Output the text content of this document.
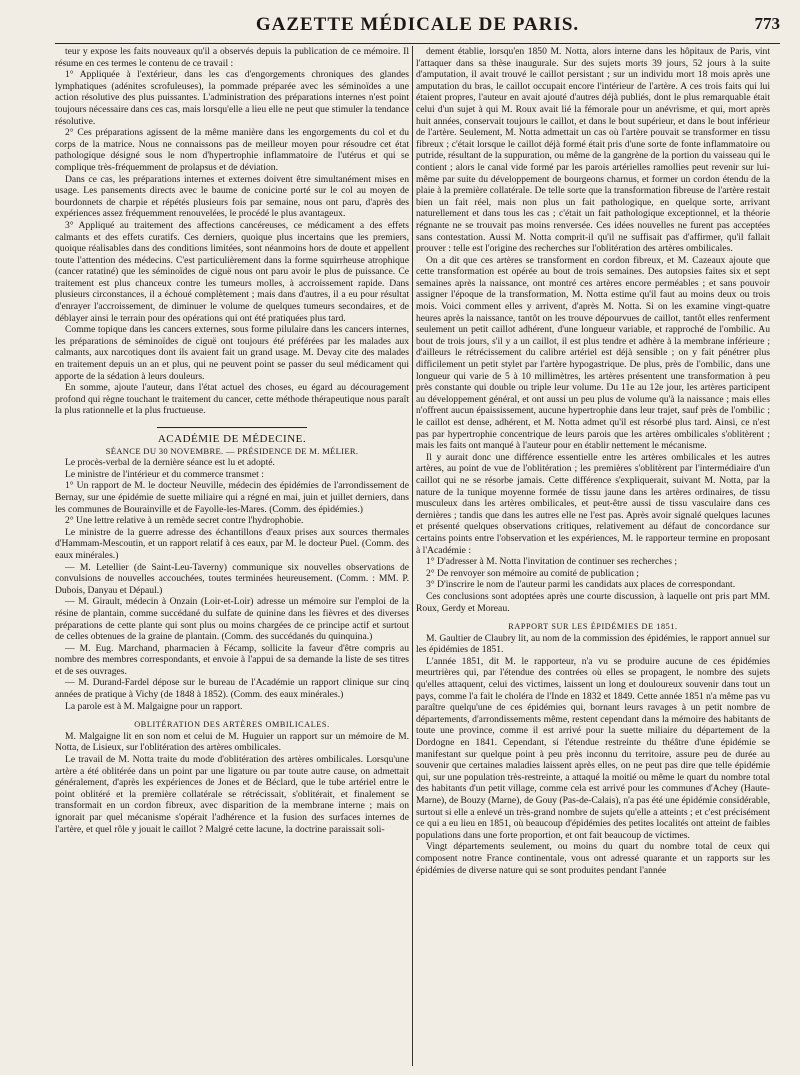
GAZETTE MÉDICALE DE PARIS.	773

teur y expose les faits nouveaux qu'il a observés depuis la publication de ce mémoire. Il résume en ces termes le contenu de ce travail :

1° Appliquée à l'extérieur, dans les cas d'engorgements chroniques des glandes lymphatiques (adénites scrofuleuses), la pommade préparée avec les séminoïdes a une action résolutive des plus puissantes. L'administration des préparations internes n'est point toujours nécessaire dans ces cas, mais lorsqu'elle a lieu elle ne peut que stimuler la tendance résolutive.

2° Ces préparations agissent de la même manière dans les engorgements du col et du corps de la matrice. Nous ne connaissons pas de meilleur moyen pour résoudre cet état pathologique désigné sous le nom d'hypertrophie inflammatoire de l'utérus et qui se complique très-fréquemment de prolapsus et de déviation.

Dans ce cas, les préparations internes et externes doivent être simultanément mises en usage. Les pansements directs avec le baume de conicine porté sur le col au moyen de bourdonnets de charpie et répétés plusieurs fois par semaine, nous ont paru, d'après des expériences assez fréquemment renouvelées, le procédé le plus avantageux.

3° Appliqué au traitement des affections cancéreuses, ce médicament a des effets calmants et des effets curatifs. Ces derniers, quoique plus incertains que les premiers, quoique réalisables dans des conditions limitées, sont néanmoins hors de doute et appellent toute l'attention des médecins. C'est particulièrement dans la forme squirrheuse atrophique (cancer ratatiné) que les séminoïdes de ciguë nous ont paru avoir le plus de puissance. Ce traitement est plus chanceux contre les tumeurs molles, à accroissement rapide. Dans plusieurs circonstances, il a échoué complètement ; mais dans d'autres, il a eu pour résultat d'enrayer l'accroissement, de diminuer le volume de quelques tumeurs secondaires, et de déblayer ainsi le terrain pour des opérations qui ont été pratiquées plus tard.

Comme topique dans les cancers externes, sous forme pilulaire dans les cancers internes, les préparations de séminoïdes de ciguë ont toujours été préférées par les malades aux calmants, aux narcotiques dont ils avaient fait un grand usage. M. Devay cite des malades en traitement depuis un an et plus, qui ne peuvent point se passer du seul médicament qui apporte de la sédation à leurs douleurs.

En somme, ajoute l'auteur, dans l'état actuel des choses, eu égard au découragement profond qui règne touchant le traitement du cancer, cette méthode thérapeutique nous paraît la plus rationnelle et la plus fructueuse.

ACADÉMIE DE MÉDECINE.

SÉANCE DU 30 NOVEMBRE. — PRÉSIDENCE DE M. MÉLIER.

Le procès-verbal de la dernière séance est lu et adopté.

Le ministre de l'intérieur et du commerce transmet :

1° Un rapport de M. le docteur Neuville, médecin des épidémies de l'arrondissement de Bernay, sur une épidémie de suette miliaire qui a régné en mai, juin et juillet derniers, dans les communes de Bourainville et de Fayolle-les-Mares. (Comm. des épidémies.)

2° Une lettre relative à un remède secret contre l'hydrophobie.

Le ministre de la guerre adresse des échantillons d'eaux prises aux sources thermales d'Hammam-Mescoutin, et un rapport relatif à ces eaux, par M. le docteur Puel. (Comm. des eaux minérales.)

— M. Letellier (de Saint-Leu-Taverny) communique six nouvelles observations de convulsions de nouvelles accouchées, toutes terminées heureusement. (Comm. : MM. P. Dubois, Danyau et Dépaul.)

— M. Girault, médecin à Onzain (Loir-et-Loir) adresse un mémoire sur l'emploi de la résine de plantain, comme succédané du sulfate de quinine dans les fièvres et des diverses préparations de cette plante qui sont plus ou moins chargées de ce principe actif et surtout de celles obtenues de la graine de plantain. (Comm. des succédanés du quinquina.)

— M. Eug. Marchand, pharmacien à Fécamp, sollicite la faveur d'être compris au nombre des membres correspondants, et envoie à l'appui de sa demande la liste de ses titres et de ses ouvrages.

— M. Durand-Fardel dépose sur le bureau de l'Académie un rapport clinique sur cinq années de pratique à Vichy (de 1848 à 1852). (Comm. des eaux minérales.)

La parole est à M. Malgaigne pour un rapport.

OBLITÉRATION DES ARTÈRES OMBILICALES.

M. Malgaigne lit en son nom et celui de M. Huguier un rapport sur un mémoire de M. Notta, de Lisieux, sur l'oblitération des artères ombilicales.

Le travail de M. Notta traite du mode d'oblitération des artères ombilicales. Lorsqu'une artère a été oblitérée dans un point par une ligature ou par toute autre cause, on admettait généralement, d'après les expériences de Jones et de Béclard, que le tube artériel entre le point oblitéré et la première collatérale se rétrécissait, s'oblitérait, et finalement se transformait en un cordon fibreux, avec disparition de la membrane interne ; mais on ignorait par quel mécanisme s'opérait l'adhérence et la fusion des surfaces internes de l'artère, et quel rôle y jouait le caillot ? Malgré cette lacune, la doctrine paraissait soli-

dement établie, lorsqu'en 1850 M. Notta, alors interne dans les hôpitaux de Paris, vint l'attaquer dans sa thèse inaugurale. Sur des sujets morts 39 jours, 52 jours à la suite d'amputation, il avait trouvé le caillot persistant ; sur un individu mort 18 mois après une amputation du bras, le caillot occupait encore l'intérieur de l'artère. A ces trois faits qui lui étaient propres, l'auteur en avait ajouté d'autres déjà publiés, dont le plus remarquable était celui d'un sujet à qui M. Roux avait lié la fémorale pour un anévrisme, et qui, mort après huit années, conservait toujours le caillot, et dans le bout supérieur, et dans le bout inférieur de l'artère. Seulement, M. Notta admettait un cas où l'artère pouvait se transformer en tissu fibreux ; c'était lorsque le caillot déjà formé était pris d'une sorte de fonte inflammatoire ou putride, résultant de la suppuration, ou même de la gangrène de la portion du vaisseau qui le contient ; alors le canal vide formé par les parois artérielles ramollies peut revenir sur lui-même par suite du développement de bourgeons charnus, et former un cordon étendu de la plaie à la première collatérale. De telle sorte que la transformation fibreuse de l'artère restait bien un fait réel, mais non plus un fait pathologique, en quelque sorte, arrivant naturellement et dans tous les cas ; c'était un fait pathologique exceptionnel, et la théorie régnante ne se trouvait pas moins renversée. Ces idées nouvelles ne furent pas acceptées sans contestation. Aussi M. Notta comprit-il qu'il ne suffisait pas d'affirmer, qu'il fallait prouver : telle est l'origine des recherches sur l'oblitération des artères ombilicales.

On a dit que ces artères se transforment en cordon fibreux, et M. Cazeaux ajoute que cette transformation est opérée au bout de trois semaines. Des autopsies faites six et sept semaines après la naissance, ont montré ces artères encore perméables ; et sans pouvoir assigner l'époque de la transformation, M. Notta estime qu'il faut au moins deux ou trois mois. Voici comment elles y arrivent, d'après M. Notta. Si on les examine vingt-quatre heures après la naissance, tantôt on les trouve dépourvues de caillot, tantôt elles renferment seulement un petit caillot adhérent, d'une longueur variable, et rapproché de l'ombilic. Au bout de trois jours, s'il y a un caillot, il est plus tendre et adhère à la membrane inférieure ; d'ailleurs le rétrécissement du calibre artériel est déjà sensible ; on y fait pénétrer plus difficilement un petit stylet par l'artère hypogastrique. De plus, près de l'ombilic, dans une longueur qui varie de 5 à 10 millimètres, les artères présentent une transformation à peu près constante qui double ou triple leur volume. Du 11e au 12e jour, les artères participent au développement général, et ont aussi un peu plus de volume qu'à la naissance ; mais elles n'offrent aucun épaississement, aucune hypertrophie dans leur trajet, sauf près de l'ombilic ; le caillot est dense, adhérent, et M. Notta admet qu'il est résorbé plus tard. Ainsi, ce n'est pas par hypertrophie concentrique de leurs parois que les artères ombilicales s'oblitèrent ; mais les faits ont manqué à l'auteur pour en établir nettement le mécanisme.

Il y aurait donc une différence essentielle entre les artères ombilicales et les autres artères, au point de vue de l'oblitération ; les premières s'oblitèrent par l'intermédiaire d'un caillot qui ne se résorbe jamais. Cette différence s'expliquerait, suivant M. Notta, par la nature de la tunique moyenne formée de tissu jaune dans les artères ordinaires, de tissu musculeux dans les artères ombilicales, et peut-être aussi de tissu vasculaire dans ces dernières ; tandis que dans les autres elle ne l'est pas. Après avoir signalé quelques lacunes et présenté quelques observations critiques, relativement au défaut de concordance sur certains points entre l'observation et les expériences, M. le rapporteur termine en proposant à l'Académie :

1° D'adresser à M. Notta l'invitation de continuer ses recherches ;

2° De renvoyer son mémoire au comité de publication ;

3° D'inscrire le nom de l'auteur parmi les candidats aux places de correspondant.

Ces conclusions sont adoptées après une courte discussion, à laquelle ont pris part MM. Roux, Gerdy et Moreau.

RAPPORT SUR LES ÉPIDÉMIES DE 1851.

M. Gaultier de Claubry lit, au nom de la commission des épidémies, le rapport annuel sur les épidémies de 1851.

L'année 1851, dit M. le rapporteur, n'a vu se produire aucune de ces épidémies meurtrières qui, par l'étendue des contrées où elles se propagent, le nombre des sujets qu'elles attaquent, celui des victimes, laissent un long et douloureux souvenir dans tout un pays, comme l'a fait le choléra de l'Inde en 1832 et 1849. Cette année 1851 n'a même pas vu paraître quelqu'une de ces épidémies qui, bornant leurs ravages à un petit nombre de départements, d'arrondissements même, restent cependant dans la mémoire des habitants de toute une province, comme il est arrivé pour la suette miliaire du département de la Dordogne en 1841. Cependant, si l'étendue restreinte du théâtre d'une épidémie se manifestant sur quelque point à peu près inconnu du territoire, assure peu de durée au souvenir que certaines maladies laissent après elles, on ne peut pas dire que telle épidémie qui, sur une population très-restreinte, a attaqué la moitié ou même le quart du nombre total des habitants d'un petit village, comme cela est arrivé pour les communes d'Achey (Haute-Marne), de Bouzy (Marne), de Gouy (Pas-de-Calais), n'a pas été une épidémie considérable, surtout si elle a enlevé un très-grand nombre de sujets qu'elle a atteints ; et c'est précisément ce qui a eu lieu en 1851, où beaucoup d'épidémies des petites localités ont atteint de faibles populations dans une forte proportion, et ont fait beaucoup de victimes.

Vingt départements seulement, ou moins du quart du nombre total de ceux qui composent notre France continentale, vous ont adressé quarante et un rapports sur les épidémies de diverse nature qui se sont produites pendant l'année
